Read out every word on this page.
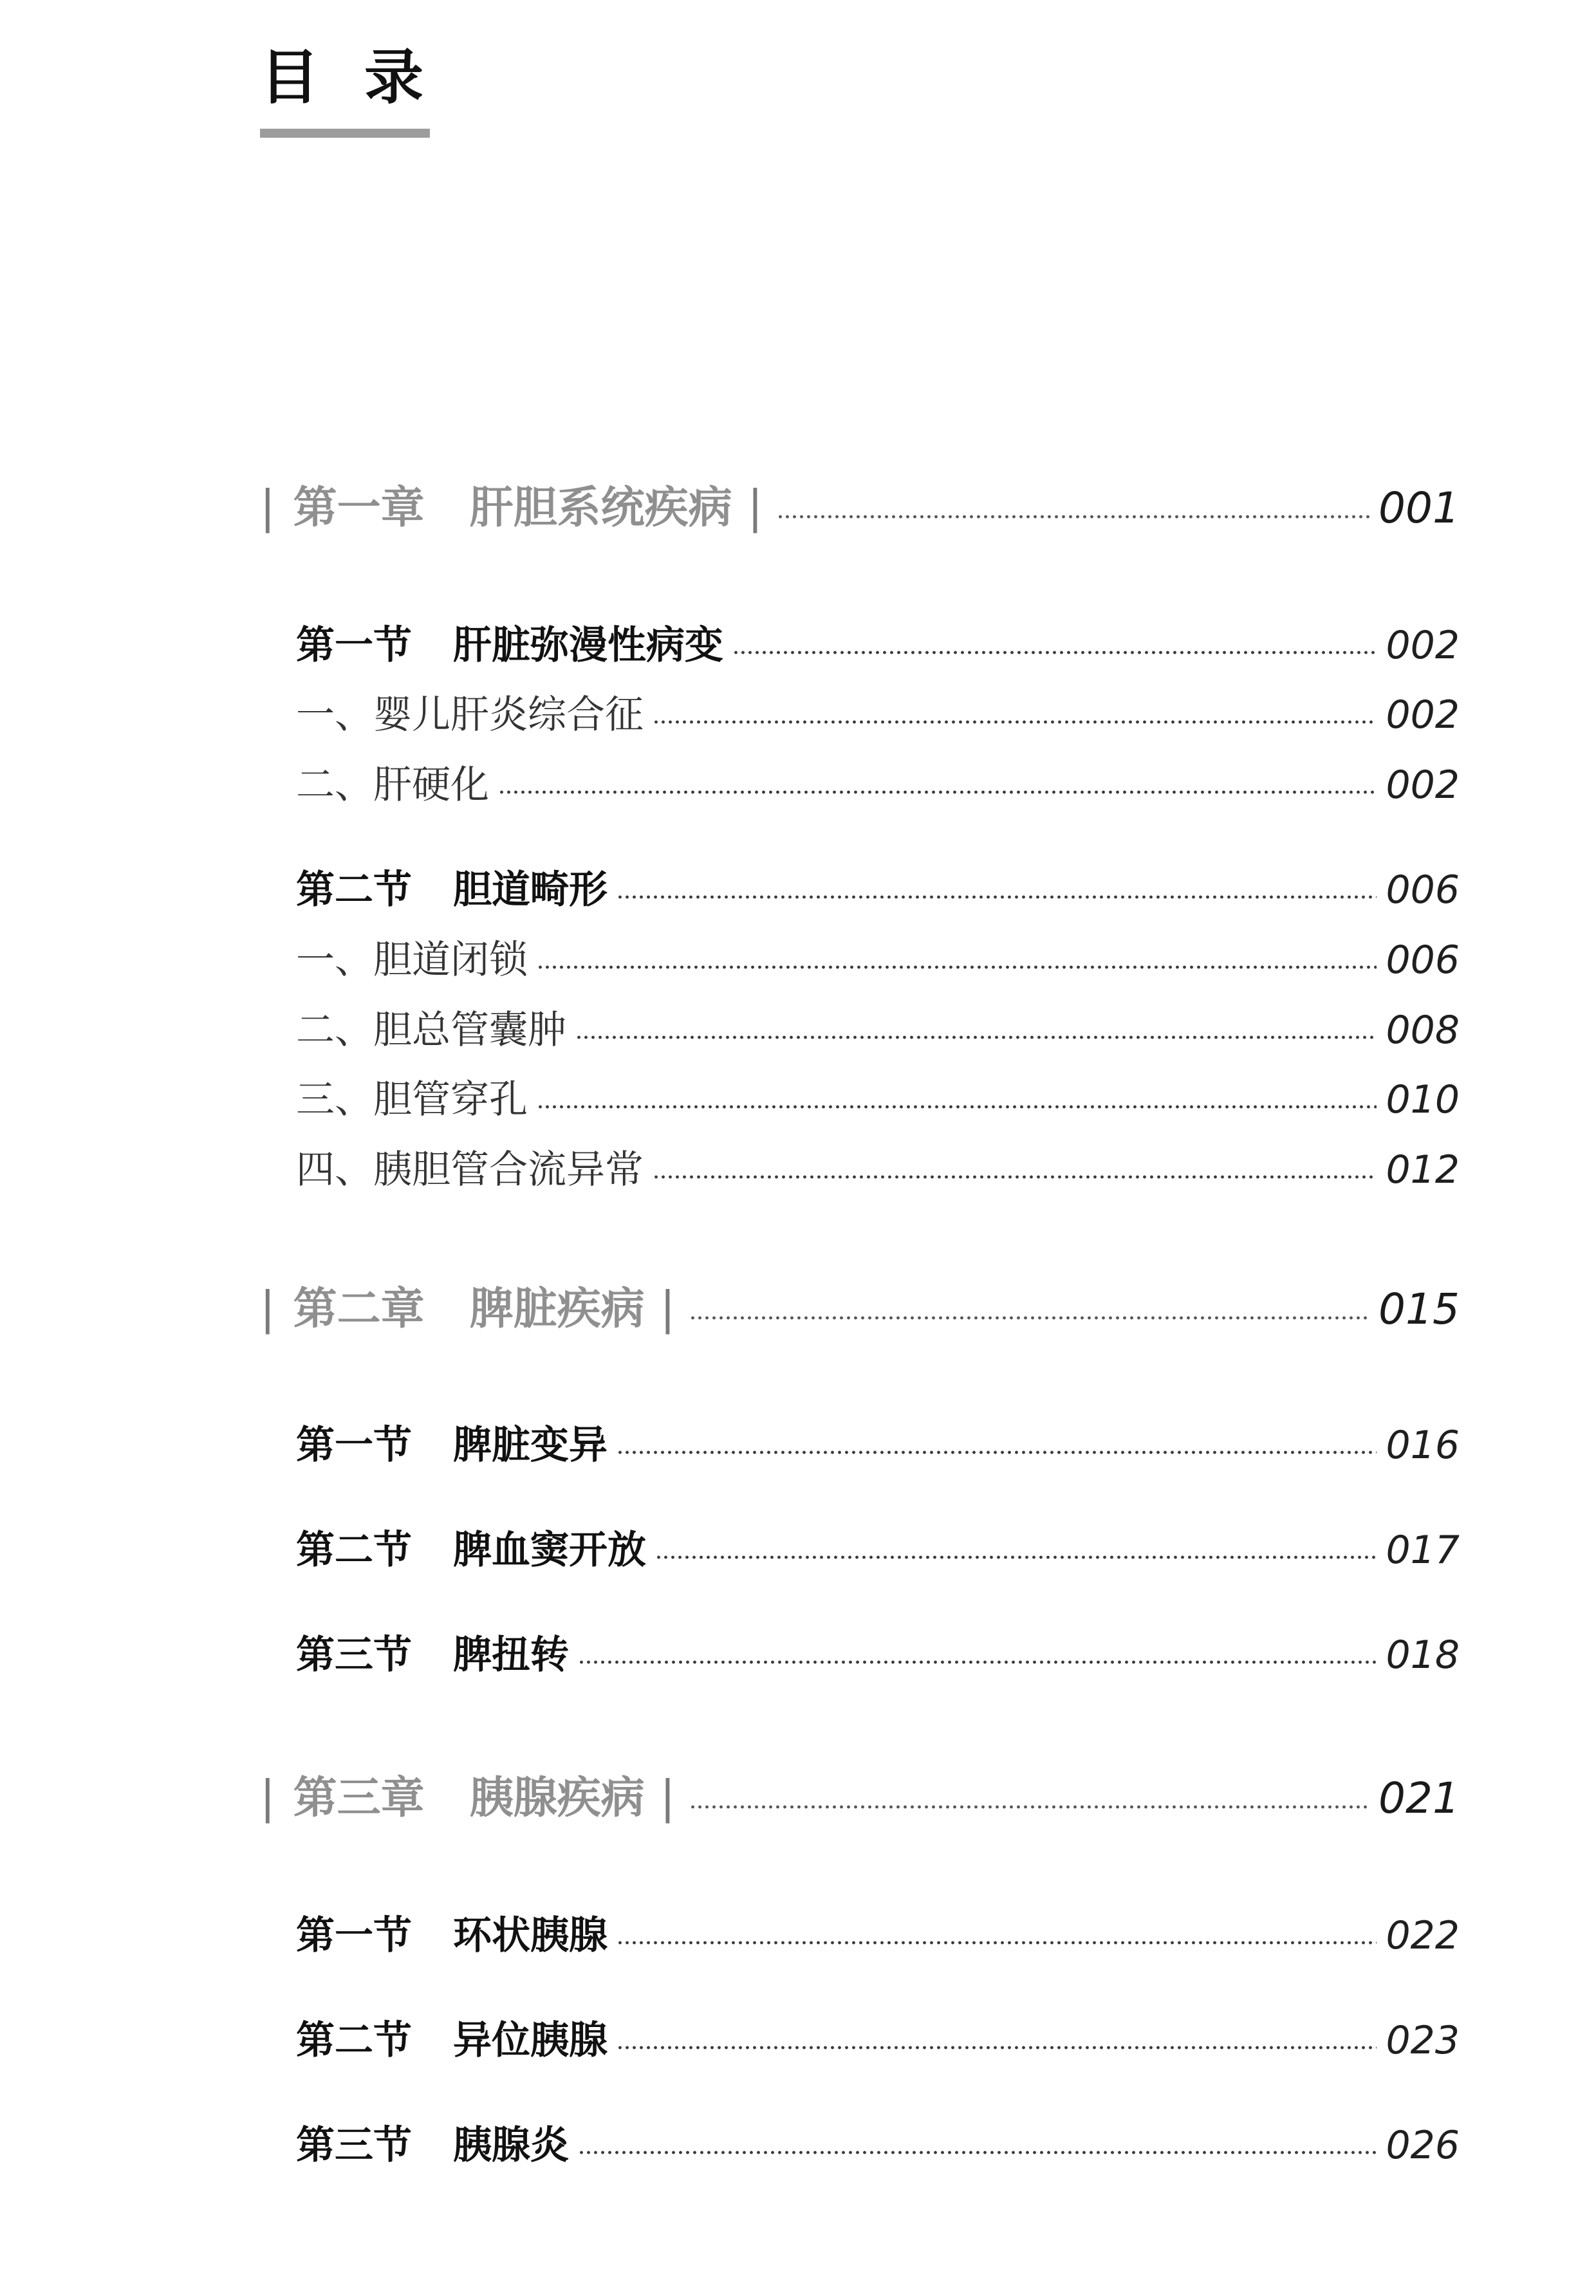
目 录
| 第一章 肝胆系统疾病 |	001
第一节 肝脏弥漫性病变	002
一、婴儿肝炎综合征	002
二、肝硬化	002
第二节 胆道畸形	006
一、胆道闭锁	006
二、胆总管囊肿	008
三、胆管穿孔	010
四、胰胆管合流异常	012
| 第二章 脾脏疾病 |	015
第一节 脾脏变异	016
第二节 脾血窦开放	017
第三节 脾扭转	018
| 第三章 胰腺疾病 |	021
第一节 环状胰腺	022
第二节 异位胰腺	023
第三节 胰腺炎	026
